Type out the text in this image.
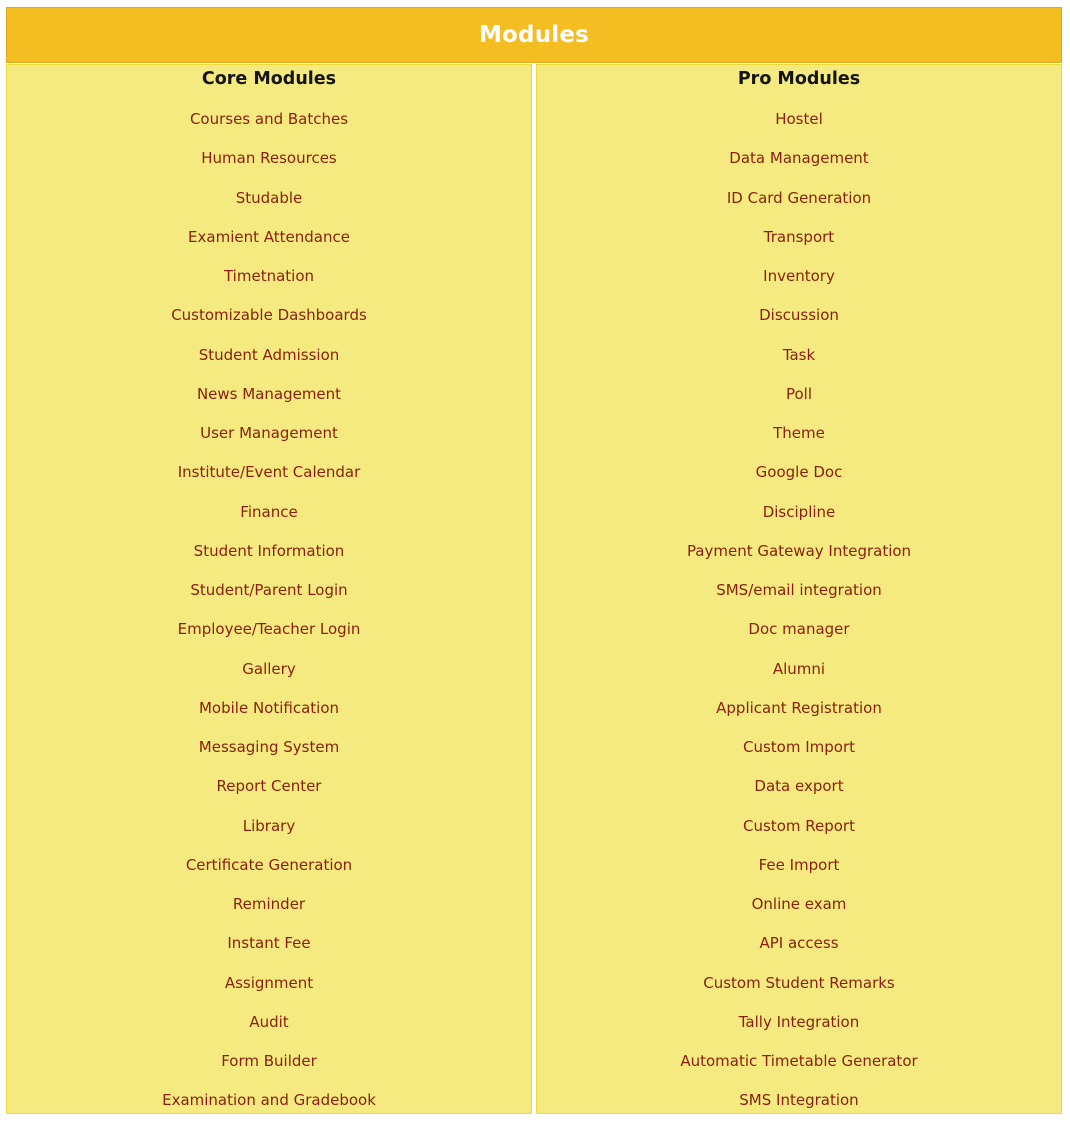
Modules
Core Modules
Courses and Batches
Human Resources
Studable
Examient Attendance
Timetnation
Customizable Dashboards
Student Admission
News Management
User Management
Institute/Event Calendar
Finance
Student Information
Student/Parent Login
Employee/Teacher Login
Gallery
Mobile Notification
Messaging System
Report Center
Library
Certificate Generation
Reminder
Instant Fee
Assignment
Audit
Form Builder
Examination and Gradebook
Pro Modules
Hostel
Data Management
ID Card Generation
Transport
Inventory
Discussion
Task
Poll
Theme
Google Doc
Discipline
Payment Gateway Integration
SMS/email integration
Doc manager
Alumni
Applicant Registration
Custom Import
Data export
Custom Report
Fee Import
Online exam
API access
Custom Student Remarks
Tally Integration
Automatic Timetable Generator
SMS Integration
